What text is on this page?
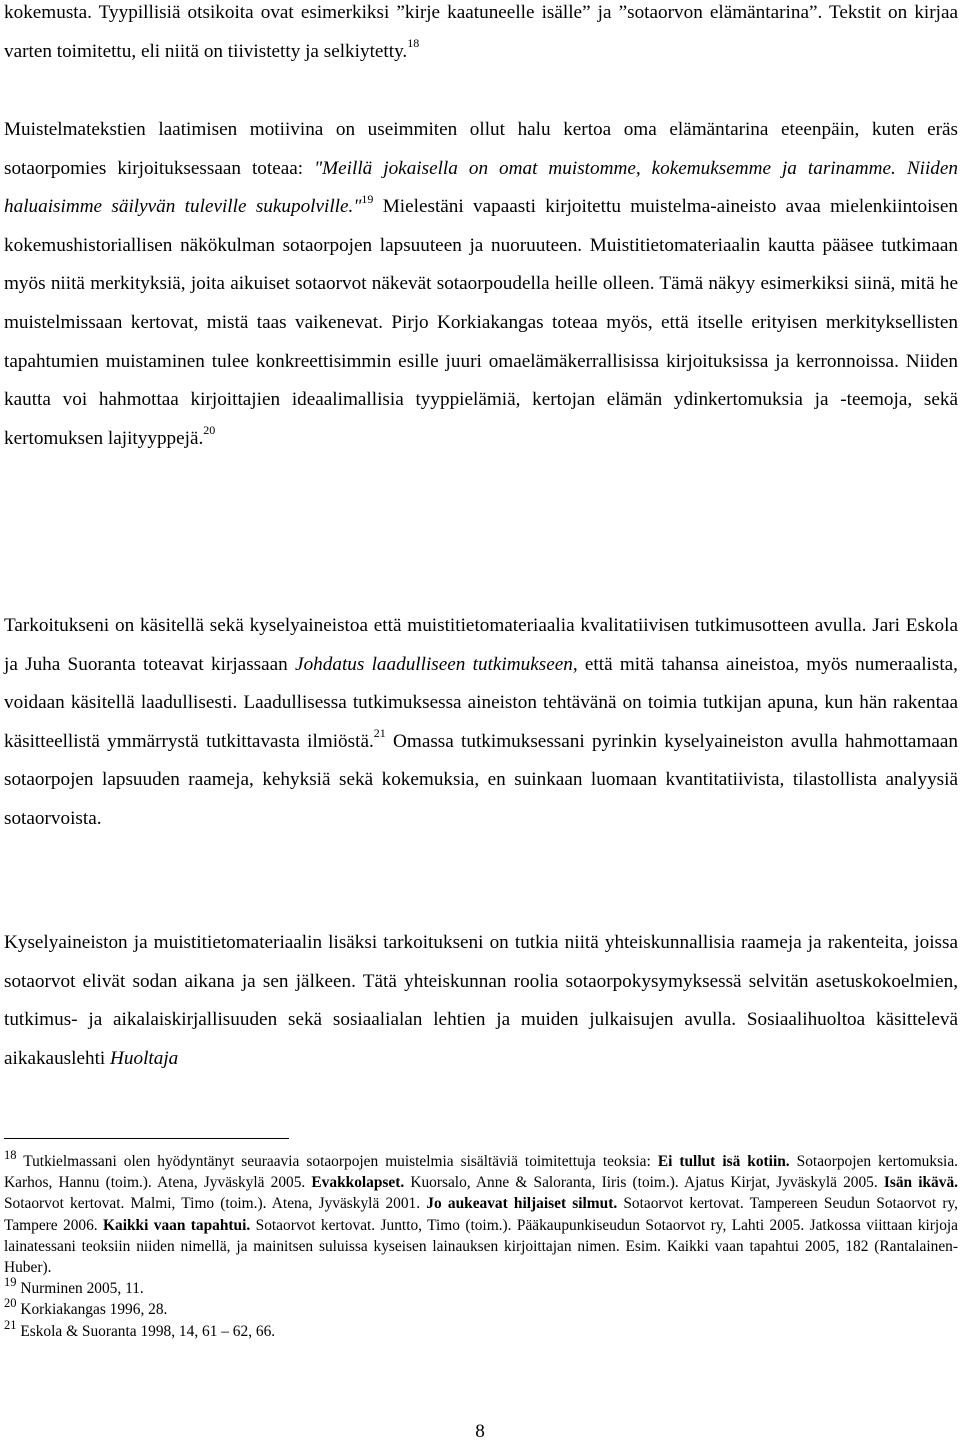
kokemusta. Tyypillisiä otsikoita ovat esimerkiksi ”kirje kaatuneelle isälle” ja ”sotaorvon elämäntarina”. Tekstit on kirjaa varten toimitettu, eli niitä on tiivistetty ja selkiytetty.$^{18}$

Muistelmatekstien laatimisen motiivina on useimmiten ollut halu kertoa oma elämäntarina eteenpäin, kuten eräs sotaorpomies kirjoituksessaan toteaa: "Meillä jokaisella on omat muistomme, kokemuksemme ja tarinamme. Niiden haluaisimme säilyvän tuleville sukupolville."$^{19}$ Mielestäni vapaasti kirjoitettu muistelma-aineisto avaa mielenkiintoisen kokemushistoriallisen näkökulman sotaorpojen lapsuuteen ja nuoruuteen. Muistitietomateriaalin kautta pääsee tutkimaan myös niitä merkityksiä, joita aikuiset sotaorvot näkevät sotaorpoudella heille olleen. Tämä näkyy esimerkiksi siinä, mitä he muistelmissaan kertovat, mistä taas vaikenevat. Pirjo Korkiakangas toteaa myös, että itselle erityisen merkityksellisten tapahtumien muistaminen tulee konkreettisimmin esille juuri omaelämäkerrallisissa kirjoituksissa ja kerronnoissa. Niiden kautta voi hahmottaa kirjoittajien ideaalimallisia tyyppielämiä, kertojan elämän ydinkertomuksia ja -teemoja, sekä kertomuksen lajityyppejä.$^{20}$

Tarkoitukseni on käsitellä sekä kyselyaineistoa että muistitietomateriaalia kvalitatiivisen tutkimusotteen avulla. Jari Eskola ja Juha Suoranta toteavat kirjassaan Johdatus laadulliseen tutkimukseen, että mitä tahansa aineistoa, myös numeraalista, voidaan käsitellä laadullisesti. Laadullisessa tutkimuksessa aineiston tehtävänä on toimia tutkijan apuna, kun hän rakentaa käsitteellistä ymmärrystä tutkittavasta ilmiöstä.$^{21}$ Omassa tutkimuksessani pyrinkin kyselyaineiston avulla hahmottamaan sotaorpojen lapsuuden raameja, kehyksiä sekä kokemuksia, en suinkaan luomaan kvantitatiivista, tilastollista analyysiä sotaorvoista.

Kyselyaineiston ja muistitietomateriaalin lisäksi tarkoitukseni on tutkia niitä yhteiskunnallisia raameja ja rakenteita, joissa sotaorvot elivät sodan aikana ja sen jälkeen. Tätä yhteiskunnan roolia sotaorpokysymyksessä selvitän asetuskokoelmien, tutkimus- ja aikalaiskirjallisuuden sekä sosiaalialan lehtien ja muiden julkaisujen avulla. Sosiaalihuoltoa käsittelevä aikakauslehti Huoltaja

$^{18}$ Tutkielmassani olen hyödyntänyt seuraavia sotaorpojen muistelmia sisältäviä toimitettuja teoksia: Ei tullut isä kotiin. Sotaorpojen kertomuksia. Karhos, Hannu (toim.). Atena, Jyväskylä 2005. Evakkolapset. Kuorsalo, Anne & Saloranta, Iiris (toim.). Ajatus Kirjat, Jyväskylä 2005. Isän ikävä. Sotaorvot kertovat. Malmi, Timo (toim.). Atena, Jyväskylä 2001. Jo aukeavat hiljaiset silmut. Sotaorvot kertovat. Tampereen Seudun Sotaorvot ry, Tampere 2006. Kaikki vaan tapahtui. Sotaorvot kertovat. Juntto, Timo (toim.). Pääkaupunkiseudun Sotaorvot ry, Lahti 2005. Jatkossa viittaan kirjoja lainatessani teoksiin niiden nimellä, ja mainitsen suluissa kyseisen lainauksen kirjoittajan nimen. Esim. Kaikki vaan tapahtui 2005, 182 (Rantalainen-Huber).

$^{19}$ Nurminen 2005, 11.

$^{20}$ Korkiakangas 1996, 28.

$^{21}$ Eskola & Suoranta 1998, 14, 61 – 62, 66.

8
